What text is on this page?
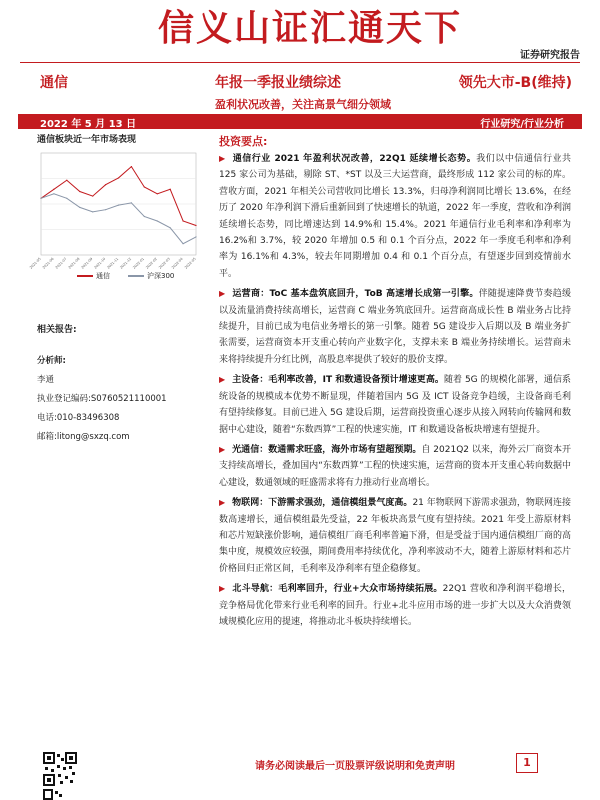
信义山证汇通天下
证券研究报告
通信	年报一季报业绩综述	领先大市-B(维持)
盈利状况改善，关注高景气细分领域
2022 年 5 月 13 日	行业研究/行业分析
通信板块近一年市场表现
2021-05 2021-06 2021-07 2021-08 2021-09 2021-10 2021-11 2021-12 2022-01 2022-02 2022-03 2022-04 2022-05
通信	沪深300
相关报告:
分析师:
李通
执业登记编码:S0760521110001
电话:010-83496308
邮箱:litong@sxzq.com
投资要点:
▶ 通信行业 2021 年盈利状况改善，22Q1 延续增长态势。我们以中信通信行业共 125 家公司为基础，剔除 ST、*ST 以及三大运营商，最终形成 112 家公司的标的库。营收方面，2021 年相关公司营收同比增长 13.3%，归母净利润同比增长 13.6%，在经历了 2020 年净利润下滑后重新回到了快速增长的轨道，2022 年一季度，营收和净利润延续增长态势，同比增速达到 14.9%和 15.4%。2021 年通信行业毛利率和净利率为 16.2%和 3.7%，较 2020 年增加 0.5 和 0.1 个百分点，2022 年一季度毛利率和净利率为 16.1%和 4.3%，较去年同期增加 0.4 和 0.1 个百分点，有望逐步回到疫情前水平。
▶ 运营商：ToC 基本盘筑底回升，ToB 高速增长成第一引擎。伴随提速降费节奏趋缓以及流量消费持续高增长，运营商 C 端业务筑底回升。运营商高成长性 B 端业务占比持续提升，目前已成为电信业务增长的第一引擎。随着 5G 建设步入后期以及 B 端业务扩张需要，运营商资本开支重心转向产业数字化，支撑未来 B 端业务持续增长。运营商未来将持续提升分红比例，高股息率提供了较好的股价支撑。
▶ 主设备：毛利率改善，IT 和数通设备预计增速更高。随着 5G 的规模化部署，通信系统设备的规模成本优势不断显现，伴随着国内 5G 及 ICT 设备竞争趋缓，主设备商毛利有望持续修复。目前已进入 5G 建设后期，运营商投资重心逐步从接入网转向传输网和数据中心建设，随着“东数西算”工程的快速实施，IT 和数通设备板块增速有望提升。
▶ 光通信：数通需求旺盛，海外市场有望超预期。自 2021Q2 以来，海外云厂商资本开支持续高增长，叠加国内“东数西算”工程的快速实施，运营商的资本开支重心转向数据中心建设，数通领域的旺盛需求将有力推动行业高增长。
▶ 物联网：下游需求强劲，通信模组景气度高。21 年物联网下游需求强劲，物联网连接数高速增长，通信模组最先受益，22 年板块高景气度有望持续。2021 年受上游原材料和芯片短缺涨价影响，通信模组厂商毛利率普遍下滑，但是受益于国内通信模组厂商的高集中度，规模效应较强，期间费用率持续优化，净利率波动不大，随着上游原材料和芯片价格回归正常区间，毛利率及净利率有望企稳修复。
▶ 北斗导航：毛利率回升，行业+大众市场持续拓展。22Q1 营收和净利润平稳增长，竞争格局优化带来行业毛利率的回升。行业+北斗应用市场的进一步扩大以及大众消费领域规模化应用的提速，将推动北斗板块持续增长。
请务必阅读最后一页股票评级说明和免责声明	1
